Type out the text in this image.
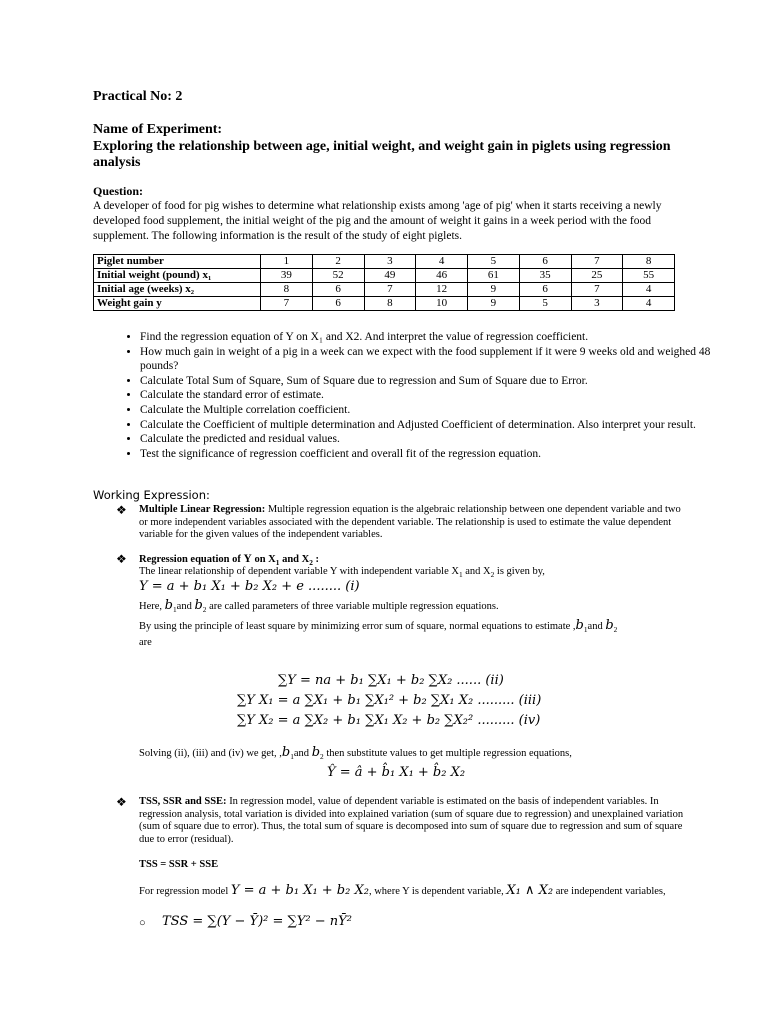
Practical No: 2
Name of Experiment:
Exploring the relationship between age, initial weight, and weight gain in piglets using regression analysis
Question:
A developer of food for pig wishes to determine what relationship exists among 'age of pig' when it starts receiving a newly developed food supplement, the initial weight of the pig and the amount of weight it gains in a week period with the food supplement. The following information is the result of the study of eight piglets.
Piglet number	1	2	3	4	5	6	7	8
Initial weight (pound) x₁	39	52	49	46	61	35	25	55
Initial age (weeks) x₂	8	6	7	12	9	6	7	4
Weight gain y	7	6	8	10	9	5	3	4
• Find the regression equation of Y on X₁ and X2. And interpret the value of regression coefficient.
• How much gain in weight of a pig in a week can we expect with the food supplement if it were 9 weeks old and weighed 48 pounds?
• Calculate Total Sum of Square, Sum of Square due to regression and Sum of Square due to Error.
• Calculate the standard error of estimate.
• Calculate the Multiple correlation coefficient.
• Calculate the Coefficient of multiple determination and Adjusted Coefficient of determination. Also interpret your result.
• Calculate the predicted and residual values.
• Test the significance of regression coefficient and overall fit of the regression equation.
Working Expression:
❖ Multiple Linear Regression: Multiple regression equation is the algebraic relationship between one dependent variable and two or more independent variables associated with the dependent variable. The relationship is used to estimate the value dependent variable for the given values of the independent variables.
❖ Regression equation of Y on $X_1$ and $X_2$ :
The linear relationship of dependent variable Y with independent variable $X_1$ and $X_2$ is given by,
Y = a + b₁ X₁ + b₂ X₂ + e ........ (i)
Here, $b_1and$ $b_2$ are called parameters of three variable multiple regression equations.
By using the principle of least square by minimizing error sum of square, normal equations to estimate $,b_1and$ $b_2$
are
∑Y = na + b₁ ∑X₁ + b₂ ∑X₂ ...... (ii)
∑Y X₁ = a ∑X₁ + b₁ ∑X₁² + b₂ ∑X₁ X₂ ......... (iii)
∑Y X₂ = a ∑X₂ + b₁ ∑X₁ X₂ + b₂ ∑X₂² ......... (iv)
Solving (ii), (iii) and (iv) we get, $,b_1and$ $b_2$ then substitute values to get multiple regression equations,
Ŷ = â + b̂₁ X₁ + b̂₂ X₂
❖ TSS, SSR and SSE: In regression model, value of dependent variable is estimated on the basis of independent variables. In regression analysis, total variation is divided into explained variation (sum of square due to regression) and unexplained variation (sum of square due to error). Thus, the total sum of square is decomposed into sum of square due to regression and sum of square due to error (residual).
TSS = SSR + SSE
For regression model Y = a + b₁ X₁ + b₂ X₂, where Y is dependent variable, X₁ ∧ X₂ are independent variables,
○ TSS = ∑(Y − Ȳ)² = ∑Y² − nȲ²
